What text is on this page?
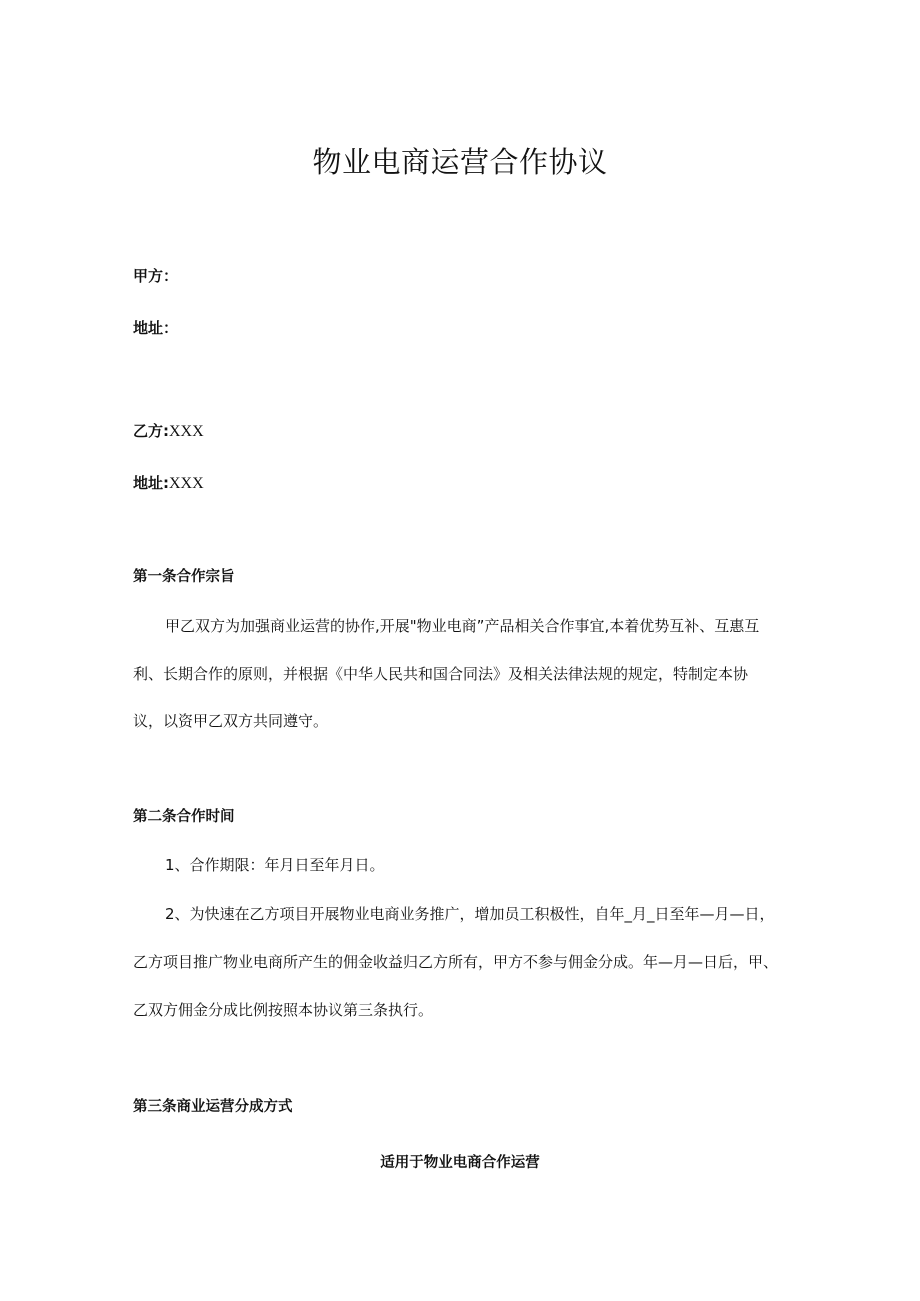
物业电商运营合作协议
甲方：
地址：
乙方:XXX
地址:XXX
第一条合作宗旨
甲乙双方为加强商业运营的协作,开展"物业电商”产品相关合作事宜,本着优势互补、互惠互
利、长期合作的原则，并根据《中华人民共和国合同法》及相关法律法规的规定，特制定本协
议，以资甲乙双方共同遵守。
第二条合作时间
1、合作期限：年月日至年月日。
2、为快速在乙方项目开展物业电商业务推广，增加员工积极性，自年_月_日至年—月—日，
乙方项目推广物业电商所产生的佣金收益归乙方所有，甲方不参与佣金分成。年—月—日后，甲、
乙双方佣金分成比例按照本协议第三条执行。
第三条商业运营分成方式
适用于物业电商合作运营
